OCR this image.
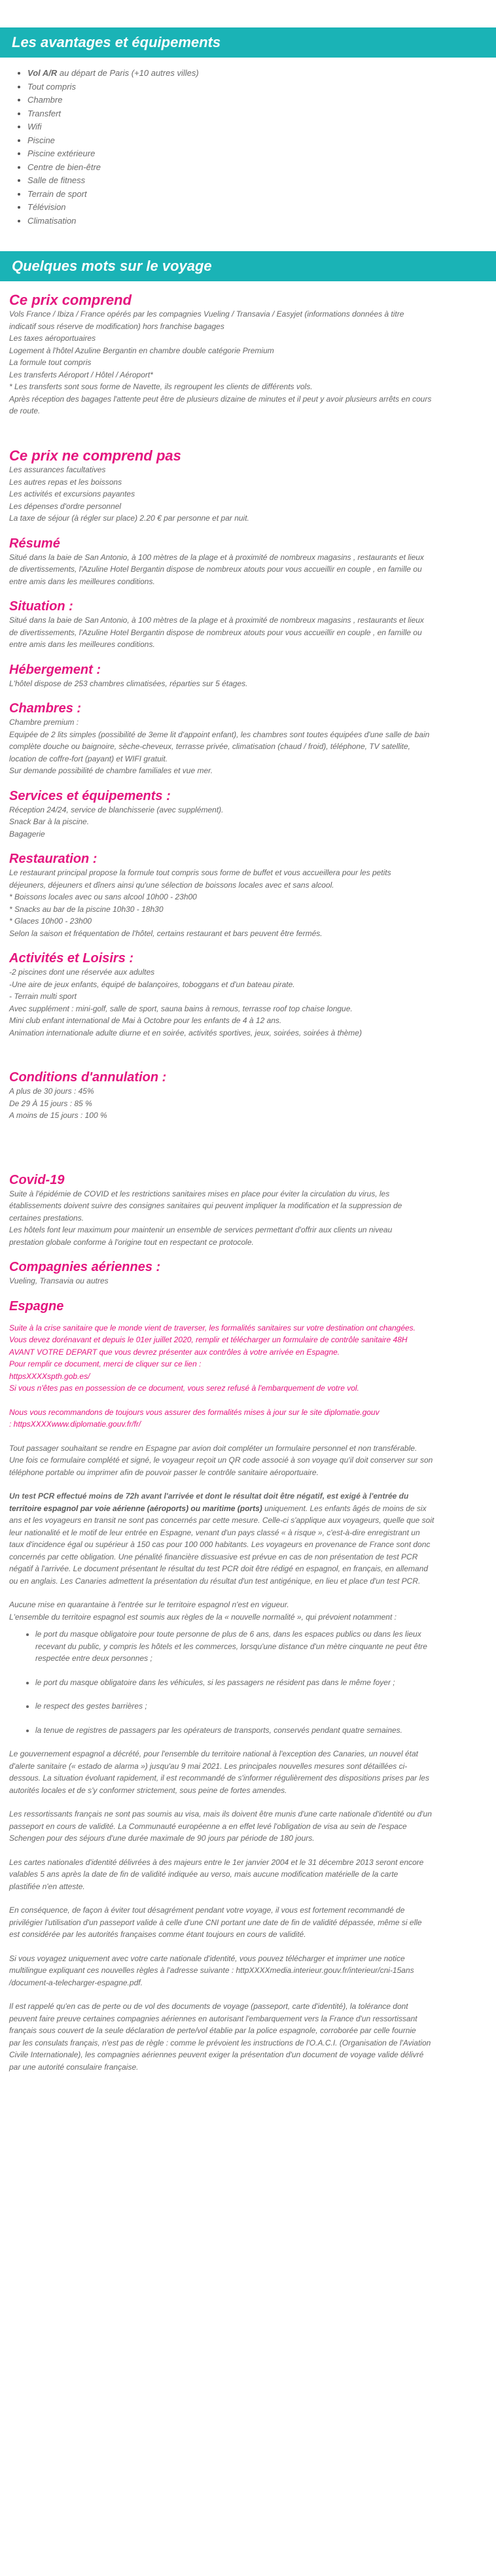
Les avantages et équipements
• Vol A/R au départ de Paris (+10 autres villes)
• Tout compris
• Chambre
• Transfert
• Wifi
• Piscine
• Piscine extérieure
• Centre de bien-être
• Salle de fitness
• Terrain de sport
• Télévision
• Climatisation
Quelques mots sur le voyage
Ce prix comprend
Vols France / Ibiza / France opérés par les compagnies Vueling / Transavia / Easyjet (informations données à titre
indicatif sous réserve de modification) hors franchise bagages
Les taxes aéroportuaires
Logement à l'hôtel Azuline Bergantin en chambre double catégorie Premium
La formule tout compris
Les transferts Aéroport / Hôtel / Aéroport*
* Les transferts sont sous forme de Navette, ils regroupent les clients de différents vols.
Après réception des bagages l'attente peut être de plusieurs dizaine de minutes et il peut y avoir plusieurs arrêts en cours
de route.
Ce prix ne comprend pas
Les assurances facultatives
Les autres repas et les boissons
Les activités et excursions payantes
Les dépenses d'ordre personnel
La taxe de séjour (à régler sur place) 2.20 € par personne et par nuit.
Résumé
Situé dans la baie de San Antonio, à 100 mètres de la plage et à proximité de nombreux magasins , restaurants et lieux
de divertissements, l'Azuline Hotel Bergantin dispose de nombreux atouts pour vous accueillir en couple , en famille ou
entre amis dans les meilleures conditions.
Situation :
Situé dans la baie de San Antonio, à 100 mètres de la plage et à proximité de nombreux magasins , restaurants et lieux
de divertissements, l'Azuline Hotel Bergantin dispose de nombreux atouts pour vous accueillir en couple , en famille ou
entre amis dans les meilleures conditions.
Hébergement :
L'hôtel dispose de 253 chambres climatisées, réparties sur 5 étages.
Chambres :
Chambre premium :
Equipée de 2 lits simples (possibilité de 3eme lit d'appoint enfant), les chambres sont toutes équipées d'une salle de bain
complète douche ou baignoire, sèche-cheveux, terrasse privée, climatisation (chaud / froid), téléphone, TV satellite,
location de coffre-fort (payant) et WIFI gratuit.
Sur demande possibilité de chambre familiales et vue mer.
Services et équipements :
Réception 24/24, service de blanchisserie (avec supplément).
Snack Bar à la piscine.
Bagagerie
Restauration :
Le restaurant principal propose la formule tout compris sous forme de buffet et vous accueillera pour les petits
déjeuners, déjeuners et dîners ainsi qu'une sélection de boissons locales avec et sans alcool.
* Boissons locales avec ou sans alcool 10h00 - 23h00
* Snacks au bar de la piscine 10h30 - 18h30
* Glaces 10h00 - 23h00
Selon la saison et fréquentation de l'hôtel, certains restaurant et bars peuvent être fermés.
Activités et Loisirs :
-2 piscines dont une réservée aux adultes
-Une aire de jeux enfants, équipé de balançoires, toboggans et d'un bateau pirate.
- Terrain multi sport
Avec supplément : mini-golf, salle de sport, sauna bains à remous, terrasse roof top chaise longue.
Mini club enfant international de Mai à Octobre pour les enfants de 4 à 12 ans.
Animation internationale adulte diurne et en soirée, activités sportives, jeux, soirées, soirées à thème)
Conditions d'annulation :
A plus de 30 jours : 45%
De 29 À 15 jours : 85 %
A moins de 15 jours : 100 %
Covid-19
Suite à l'épidémie de COVID et les restrictions sanitaires mises en place pour éviter la circulation du virus, les
établissements doivent suivre des consignes sanitaires qui peuvent impliquer la modification et la suppression de
certaines prestations.
Les hôtels font leur maximum pour maintenir un ensemble de services permettant d'offrir aux clients un niveau
prestation globale conforme à l'origine tout en respectant ce protocole.
Compagnies aériennes :
Vueling, Transavia ou autres
Espagne
Suite à la crise sanitaire que le monde vient de traverser, les formalités sanitaires sur votre destination ont changées.
Vous devez dorénavant et depuis le 01er juillet 2020, remplir et télécharger un formulaire de contrôle sanitaire 48H
AVANT VOTRE DEPART que vous devrez présenter aux contrôles à votre arrivée en Espagne.
Pour remplir ce document, merci de cliquer sur ce lien :
httpsXXXXspth.gob.es/
Si vous n'êtes pas en possession de ce document, vous serez refusé à l'embarquement de votre vol.
Nous vous recommandons de toujours vous assurer des formalités mises à jour sur le site diplomatie.gouv
: httpsXXXXwww.diplomatie.gouv.fr/fr/
Tout passager souhaitant se rendre en Espagne par avion doit compléter un formulaire personnel et non transférable.
Une fois ce formulaire complété et signé, le voyageur reçoit un QR code associé à son voyage qu'il doit conserver sur son
téléphone portable ou imprimer afin de pouvoir passer le contrôle sanitaire aéroportuaire.
Un test PCR effectué moins de 72h avant l'arrivée et dont le résultat doit être négatif, est exigé à l'entrée du
territoire espagnol par voie aérienne (aéroports) ou maritime (ports) uniquement. Les enfants âgés de moins de six
ans et les voyageurs en transit ne sont pas concernés par cette mesure. Celle-ci s'applique aux voyageurs, quelle que soit
leur nationalité et le motif de leur entrée en Espagne, venant d'un pays classé « à risque », c'est-à-dire enregistrant un
taux d'incidence égal ou supérieur à 150 cas pour 100 000 habitants. Les voyageurs en provenance de France sont donc
concernés par cette obligation. Une pénalité financière dissuasive est prévue en cas de non présentation de test PCR
négatif à l'arrivée. Le document présentant le résultat du test PCR doit être rédigé en espagnol, en français, en allemand
ou en anglais. Les Canaries admettent la présentation du résultat d'un test antigénique, en lieu et place d'un test PCR.
Aucune mise en quarantaine à l'entrée sur le territoire espagnol n'est en vigueur.
L'ensemble du territoire espagnol est soumis aux règles de la « nouvelle normalité », qui prévoient notamment :
• le port du masque obligatoire pour toute personne de plus de 6 ans, dans les espaces publics ou dans les lieux
recevant du public, y compris les hôtels et les commerces, lorsqu'une distance d'un mètre cinquante ne peut être
respectée entre deux personnes ;
• le port du masque obligatoire dans les véhicules, si les passagers ne résident pas dans le même foyer ;
• le respect des gestes barrières ;
• la tenue de registres de passagers par les opérateurs de transports, conservés pendant quatre semaines.
Le gouvernement espagnol a décrété, pour l'ensemble du territoire national à l'exception des Canaries, un nouvel état
d'alerte sanitaire (« estado de alarma ») jusqu'au 9 mai 2021. Les principales nouvelles mesures sont détaillées ci-
dessous. La situation évoluant rapidement, il est recommandé de s'informer régulièrement des dispositions prises par les
autorités locales et de s'y conformer strictement, sous peine de fortes amendes.
Les ressortissants français ne sont pas soumis au visa, mais ils doivent être munis d'une carte nationale d'identité ou d'un
passeport en cours de validité. La Communauté européenne a en effet levé l'obligation de visa au sein de l'espace
Schengen pour des séjours d'une durée maximale de 90 jours par période de 180 jours.
Les cartes nationales d'identité délivrées à des majeurs entre le 1er janvier 2004 et le 31 décembre 2013 seront encore
valables 5 ans après la date de fin de validité indiquée au verso, mais aucune modification matérielle de la carte
plastifiée n'en atteste.
En conséquence, de façon à éviter tout désagrément pendant votre voyage, il vous est fortement recommandé de
privilégier l'utilisation d'un passeport valide à celle d'une CNI portant une date de fin de validité dépassée, même si elle
est considérée par les autorités françaises comme étant toujours en cours de validité.
Si vous voyagez uniquement avec votre carte nationale d'identité, vous pouvez télécharger et imprimer une notice
multilingue expliquant ces nouvelles règles à l'adresse suivante : httpXXXXmedia.interieur.gouv.fr/interieur/cni-15ans
/document-a-telecharger-espagne.pdf.
Il est rappelé qu'en cas de perte ou de vol des documents de voyage (passeport, carte d'identité), la tolérance dont
peuvent faire preuve certaines compagnies aériennes en autorisant l'embarquement vers la France d'un ressortissant
français sous couvert de la seule déclaration de perte/vol établie par la police espagnole, corroborée par celle fournie
par les consulats français, n'est pas de règle : comme le prévoient les instructions de l'O.A.C.I. (Organisation de l'Aviation
Civile Internationale), les compagnies aériennes peuvent exiger la présentation d'un document de voyage valide délivré
par une autorité consulaire française.
